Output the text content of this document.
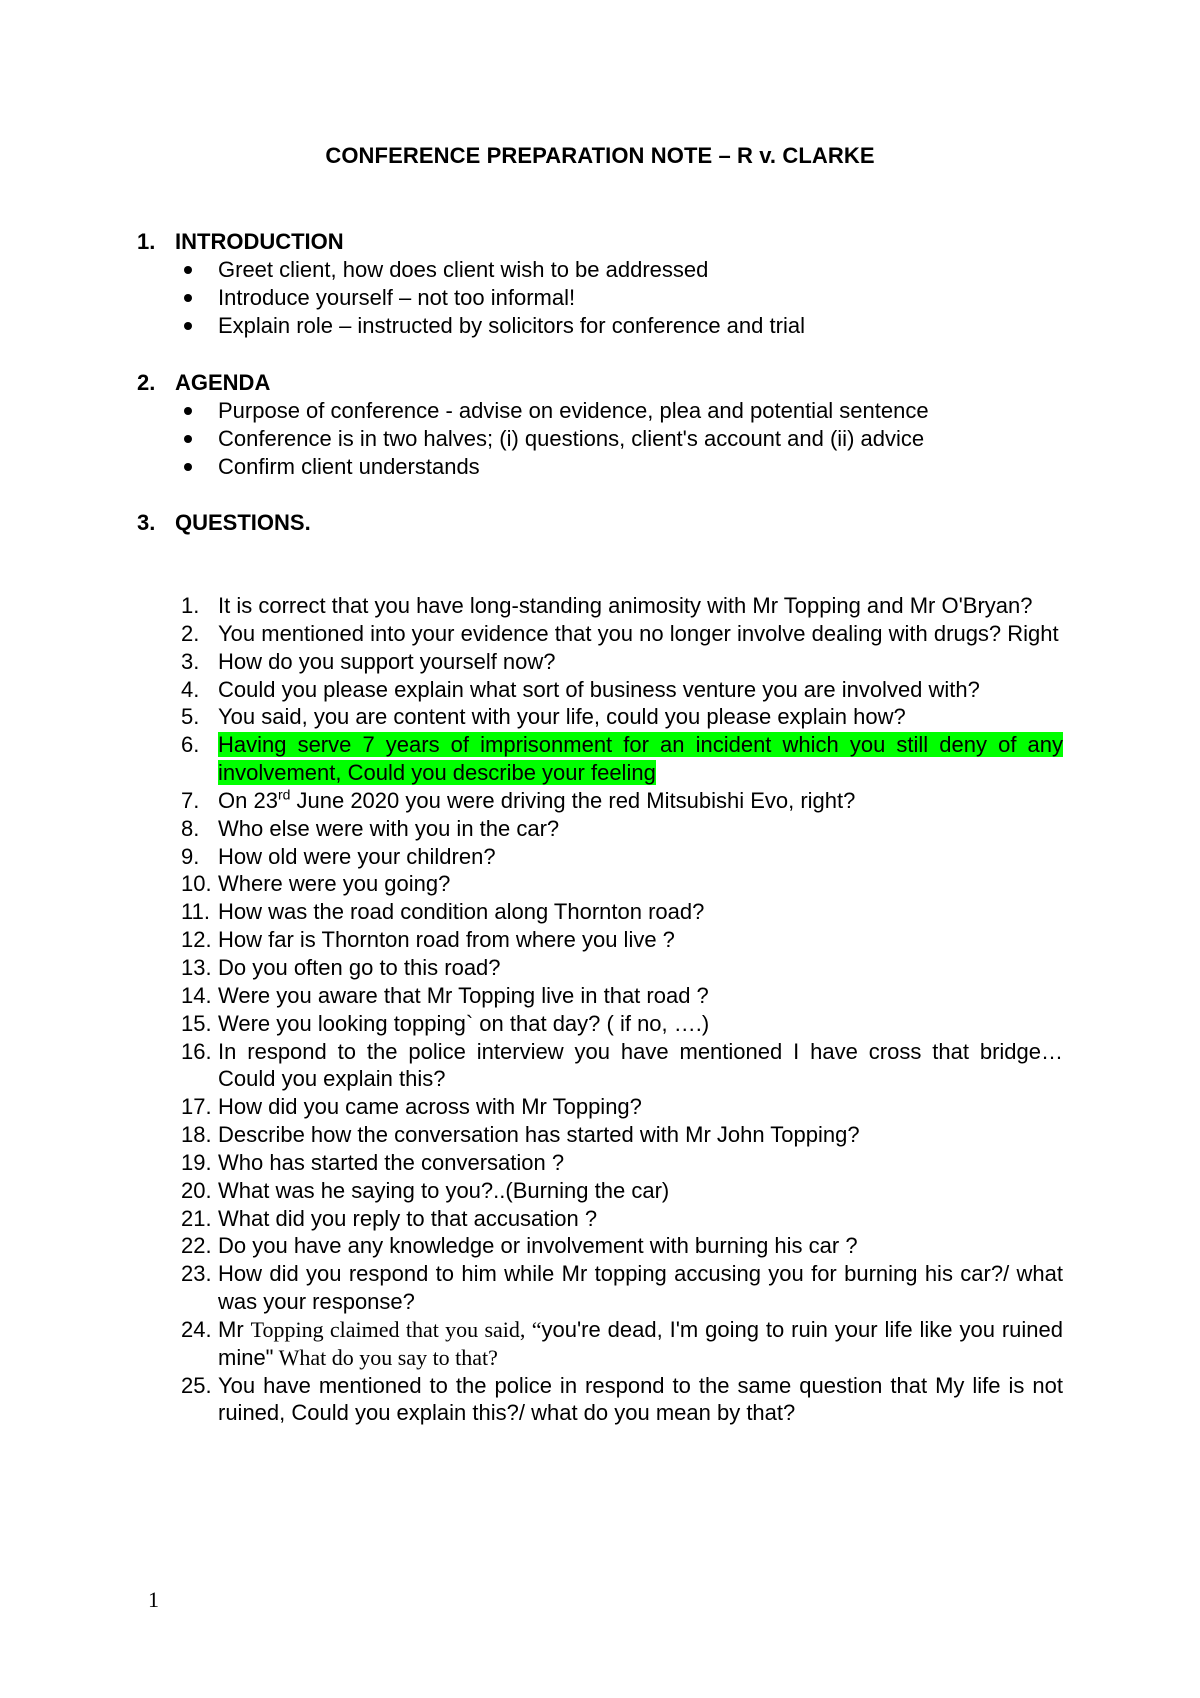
CONFERENCE PREPARATION NOTE – R v. CLARKE
1. INTRODUCTION
Greet client, how does client wish to be addressed
Introduce yourself – not too informal!
Explain role – instructed by solicitors for conference and trial
2. AGENDA
Purpose of conference - advise on evidence, plea and potential sentence
Conference is in two halves; (i) questions, client's account and (ii) advice
Confirm client understands
3. QUESTIONS.
1. It is correct that you have long-standing animosity with Mr Topping and Mr O'Bryan?
2. You mentioned into your evidence that you no longer involve dealing with drugs? Right
3. How do you support yourself now?
4. Could you please explain what sort of business venture you are involved with?
5. You said, you are content with your life, could you please explain how?
6. Having serve 7 years of imprisonment for an incident which you still deny of any involvement, Could you describe your feeling
7. On 23rd June 2020 you were driving the red Mitsubishi Evo, right?
8. Who else were with you in the car?
9. How old were your children?
10. Where were you going?
11. How was the road condition along Thornton road?
12. How far is Thornton road from where you live ?
13. Do you often go to this road?
14. Were you aware that Mr Topping live in that road ?
15. Were you looking topping` on that day? ( if no, ….)
16. In respond to the police interview you have mentioned I have cross that bridge… Could you explain this?
17. How did you came across with Mr Topping?
18. Describe how the conversation has started with Mr John Topping?
19. Who has started the conversation ?
20. What was he saying to you?..(Burning the car)
21. What did you reply to that accusation ?
22. Do you have any knowledge or involvement with burning his car ?
23. How did you respond to him while Mr topping accusing you for burning his car?/ what was your response?
24. Mr Topping claimed that you said, “you're dead, I'm going to ruin your life like you ruined mine" What do you say to that?
25. You have mentioned to the police in respond to the same question that My life is not ruined, Could you explain this?/ what do you mean by that?
1
